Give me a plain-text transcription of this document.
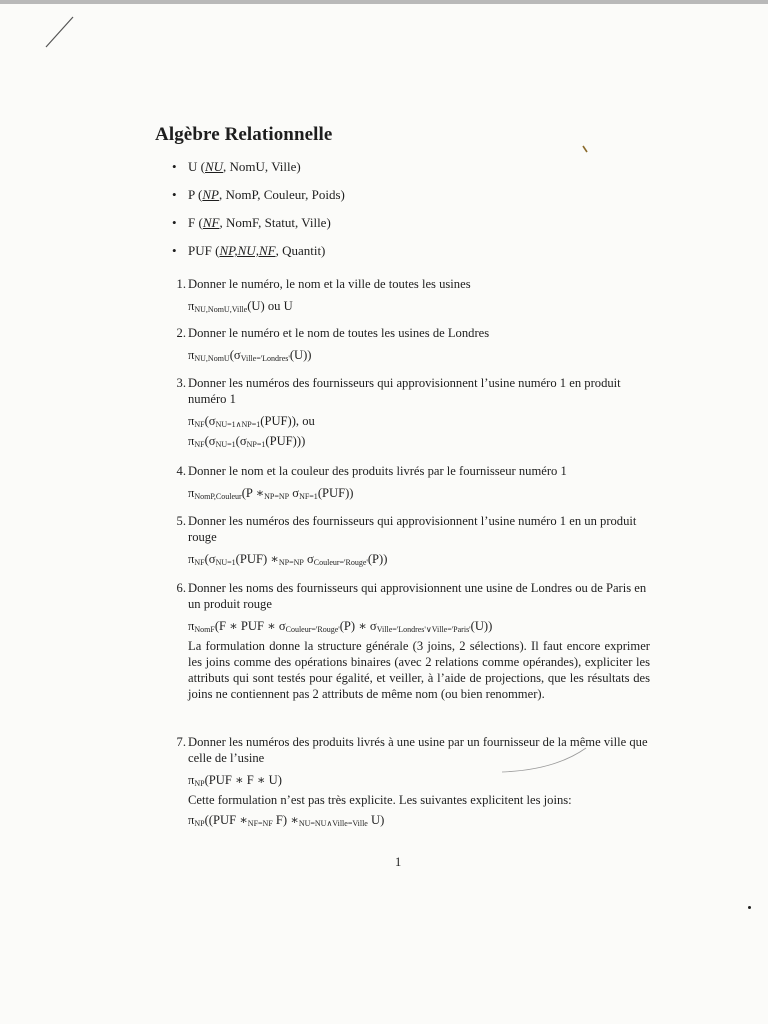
Algèbre Relationnelle
• U (NU, NomU, Ville)
• P (NP, NomP, Couleur, Poids)
• F (NF, NomF, Statut, Ville)
• PUF (NP,NU,NF, Quantit)
1. Donner le numéro, le nom et la ville de toutes les usines
$\pi_{NU,NomU,Ville}(U)$ ou U
2. Donner le numéro et le nom de toutes les usines de Londres
$\pi_{NU,NomU}(\sigma_{Ville='Londres'}(U))$
3. Donner les numéros des fournisseurs qui approvisionnent l’usine numéro 1 en produit numéro 1
$\pi_{NF}(\sigma_{NU=1\wedge NP=1}(PUF))$, ou
$\pi_{NF}(\sigma_{NU=1}(\sigma_{NP=1}(PUF)))$
4. Donner le nom et la couleur des produits livrés par le fournisseur numéro 1
$\pi_{NomP,Couleur}(P$ $∗_{NP=NP}$ $\sigma_{NF=1}(PUF)$)
5. Donner les numéros des fournisseurs qui approvisionnent l’usine numéro 1 en un produit rouge
$\pi_{NF}(\sigma_{NU=1}(PUF)$ $∗_{NP=NP}$ $\sigma_{Couleur='Rouge'}(P)$)
6. Donner les noms des fournisseurs qui approvisionnent une usine de Londres ou de Paris en un produit rouge
$\pi_{NomF}(F$ ∗ PUF ∗ $\sigma_{Couleur='Rouge'}(P)$ ∗ $\sigma_{Ville='Londres'\vee Ville='Paris'}(U)$)
La formulation donne la structure générale (3 joins, 2 sélections). Il faut encore exprimer les joins comme des opérations binaires (avec 2 relations comme opérandes), expliciter les attributs qui sont testés pour égalité, et veiller, à l’aide de projections, que les résultats des joins ne contiennent pas 2 attributs de même nom (ou bien renommer).
7. Donner les numéros des produits livrés à une usine par un fournisseur de la même ville que celle de l’usine
$\pi_{NP}(PUF$ ∗ F ∗ U)
Cette formulation n’est pas très explicite. Les suivantes explicitent les joins:
$\pi_{NP}((PUF$ $∗_{NF=NF}$ F) $∗_{NU=NU\wedge Ville=Ville}$ U)
1
